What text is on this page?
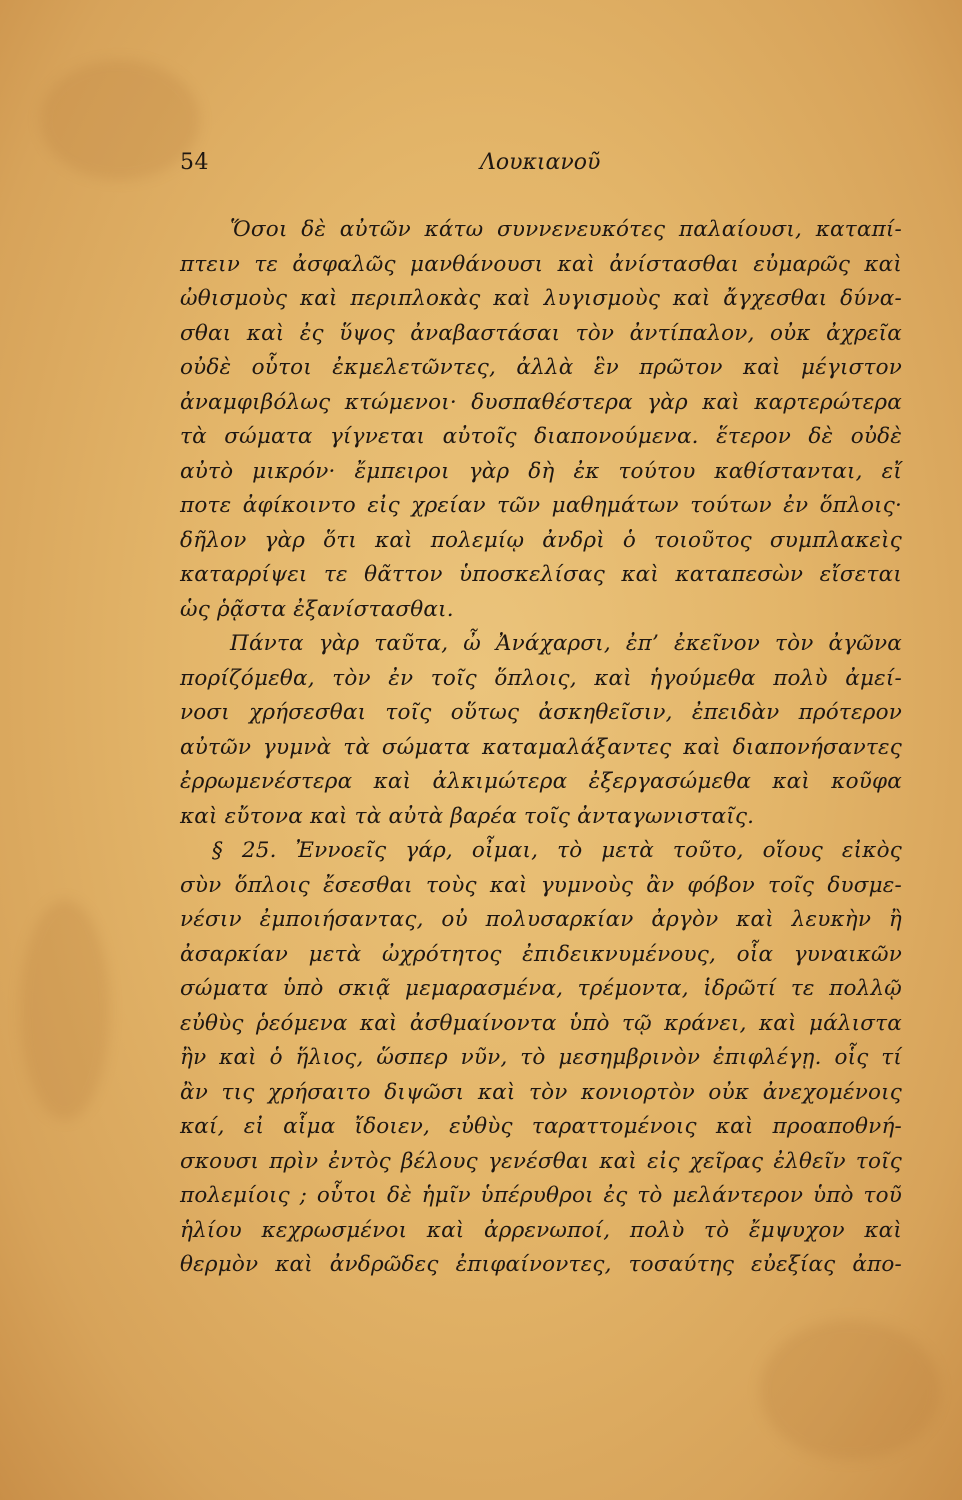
54	Λουκιανοῦ
Ὅσοι δὲ αὐτῶν κάτω συννενευκότες παλαίουσι, καταπί-
πτειν τε ἀσφαλῶς μανθάνουσι καὶ ἀνίστασθαι εὐμαρῶς καὶ
ὠθισμοὺς καὶ περιπλοκὰς καὶ λυγισμοὺς καὶ ἄγχεσθαι δύνα-
σθαι καὶ ἐς ὕψος ἀναβαστάσαι τὸν ἀντίπαλον, οὐκ ἀχρεῖα
οὐδὲ οὗτοι ἐκμελετῶντες, ἀλλὰ ἓν πρῶτον καὶ μέγιστον
ἀναμφιβόλως κτώμενοι· δυσπαθέστερα γὰρ καὶ καρτερώτερα
τὰ σώματα γίγνεται αὐτοῖς διαπονούμενα. ἕτερον δὲ οὐδὲ
αὐτὸ μικρόν· ἔμπειροι γὰρ δὴ ἐκ τούτου καθίστανται, εἴ
ποτε ἀφίκοιντο εἰς χρείαν τῶν μαθημάτων τούτων ἐν ὅπλοις·
δῆλον γὰρ ὅτι καὶ πολεμίῳ ἀνδρὶ ὁ τοιοῦτος συμπλακεὶς
καταρρίψει τε θᾶττον ὑποσκελίσας καὶ καταπεσὼν εἴσεται
ὡς ῥᾷστα ἐξανίστασθαι.
Πάντα γὰρ ταῦτα, ὦ Ἀνάχαρσι, ἐπ’ ἐκεῖνον τὸν ἀγῶνα
πορίζόμεθα, τὸν ἐν τοῖς ὅπλοις, καὶ ἡγούμεθα πολὺ ἀμεί-
νοσι χρήσεσθαι τοῖς οὕτως ἀσκηθεῖσιν, ἐπειδὰν πρότερον
αὐτῶν γυμνὰ τὰ σώματα καταμαλάξαντες καὶ διαπονήσαντες
ἐρρωμενέστερα καὶ ἀλκιμώτερα ἐξεργασώμεθα καὶ κοῦφα
καὶ εὔτονα καὶ τὰ αὐτὰ βαρέα τοῖς ἀνταγωνισταῖς.
§ 25. Ἐννοεῖς γάρ, οἶμαι, τὸ μετὰ τοῦτο, οἵους εἰκὸς
σὺν ὅπλοις ἔσεσθαι τοὺς καὶ γυμνοὺς ἂν φόβον τοῖς δυσμε-
νέσιν ἐμποιήσαντας, οὐ πολυσαρκίαν ἀργὸν καὶ λευκὴν ἢ
ἀσαρκίαν μετὰ ὠχρότητος ἐπιδεικνυμένους, οἷα γυναικῶν
σώματα ὑπὸ σκιᾷ μεμαρασμένα, τρέμοντα, ἱδρῶτί τε πολλῷ
εὐθὺς ῥεόμενα καὶ ἀσθμαίνοντα ὑπὸ τῷ κράνει, καὶ μάλιστα
ἢν καὶ ὁ ἥλιος, ὥσπερ νῦν, τὸ μεσημβρινὸν ἐπιφλέγῃ. οἷς τί
ἂν τις χρήσαιτο διψῶσι καὶ τὸν κονιορτὸν οὐκ ἀνεχομένοις
καί, εἰ αἷμα ἴδοιεν, εὐθὺς ταραττομένοις καὶ προαποθνή-
σκουσι πρὶν ἐντὸς βέλους γενέσθαι καὶ εἰς χεῖρας ἐλθεῖν τοῖς
πολεμίοις ; οὗτοι δὲ ἡμῖν ὑπέρυθροι ἐς τὸ μελάντερον ὑπὸ τοῦ
ἡλίου κεχρωσμένοι καὶ ἀρρενωποί, πολὺ τὸ ἔμψυχον καὶ
θερμὸν καὶ ἀνδρῶδες ἐπιφαίνοντες, τοσαύτης εὐεξίας ἀπο-
